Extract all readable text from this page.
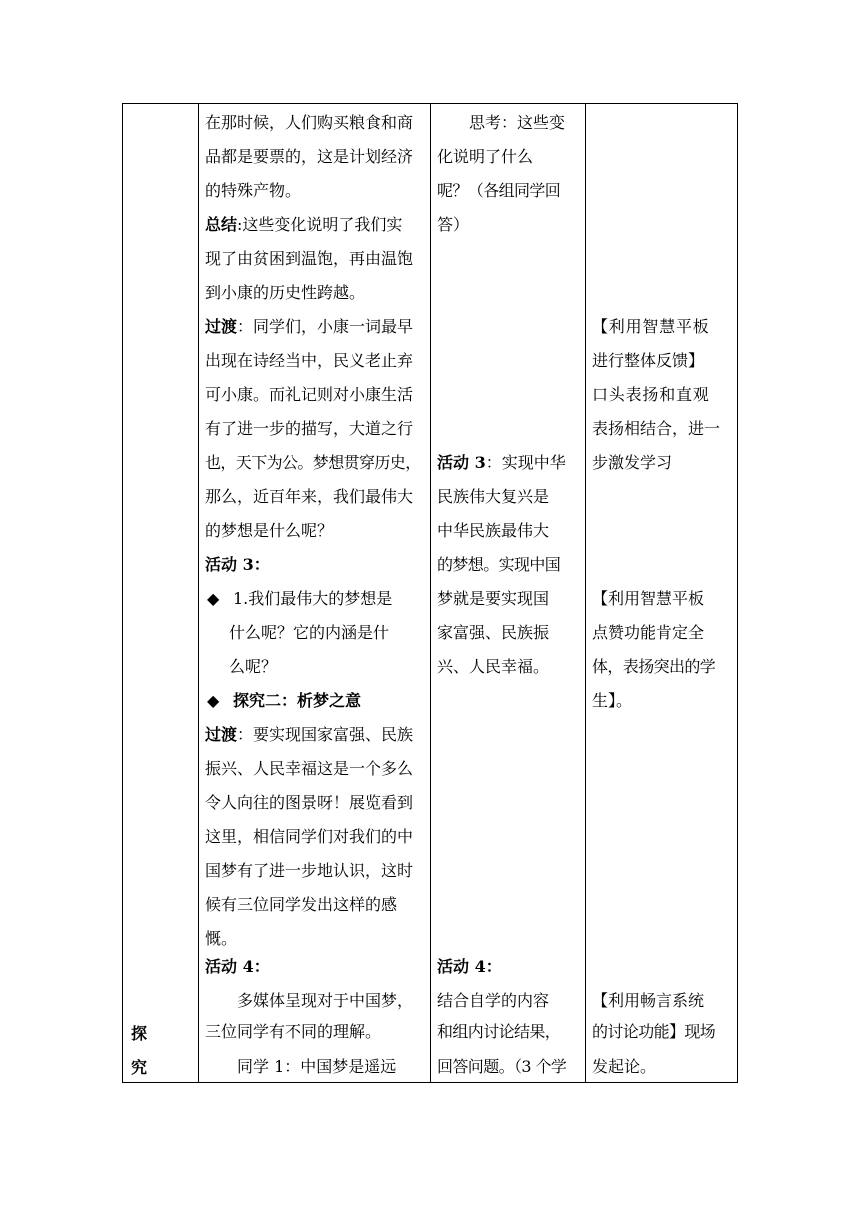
探
究
在那时候，人们购买粮食和商
品都是要票的，这是计划经济
的特殊产物。
总结:这些变化说明了我们实
现了由贫困到温饱，再由温饱
到小康的历史性跨越。
过渡：同学们，小康一词最早
出现在诗经当中，民义老止弃
可小康。而礼记则对小康生活
有了进一步的描写，大道之行
也，天下为公。梦想贯穿历史，
那么，近百年来，我们最伟大
的梦想是什么呢？
活动 3：
◆ 1.我们最伟大的梦想是
什么呢？它的内涵是什
么呢？
◆ 探究二：析梦之意
过渡：要实现国家富强、民族
振兴、人民幸福这是一个多么
令人向往的图景呀！展览看到
这里，相信同学们对我们的中
国梦有了进一步地认识，这时
候有三位同学发出这样的感
慨。
活动 4：
多媒体呈现对于中国梦，
三位同学有不同的理解。
同学 1：中国梦是遥远
思考：这些变
化说明了什么
呢？（各组同学回
答）
活动 3：实现中华
民族伟大复兴是
中华民族最伟大
的梦想。实现中国
梦就是要实现国
家富强、民族振
兴、人民幸福。
活动 4：
结合自学的内容
和组内讨论结果，
回答问题。（3 个学
【利用智慧平板
进行整体反馈】
口头表扬和直观
表扬相结合，进一
步激发学习
【利用智慧平板
点赞功能肯定全
体，表扬突出的学
生】。
【利用畅言系统
的讨论功能】现场
发起论。
